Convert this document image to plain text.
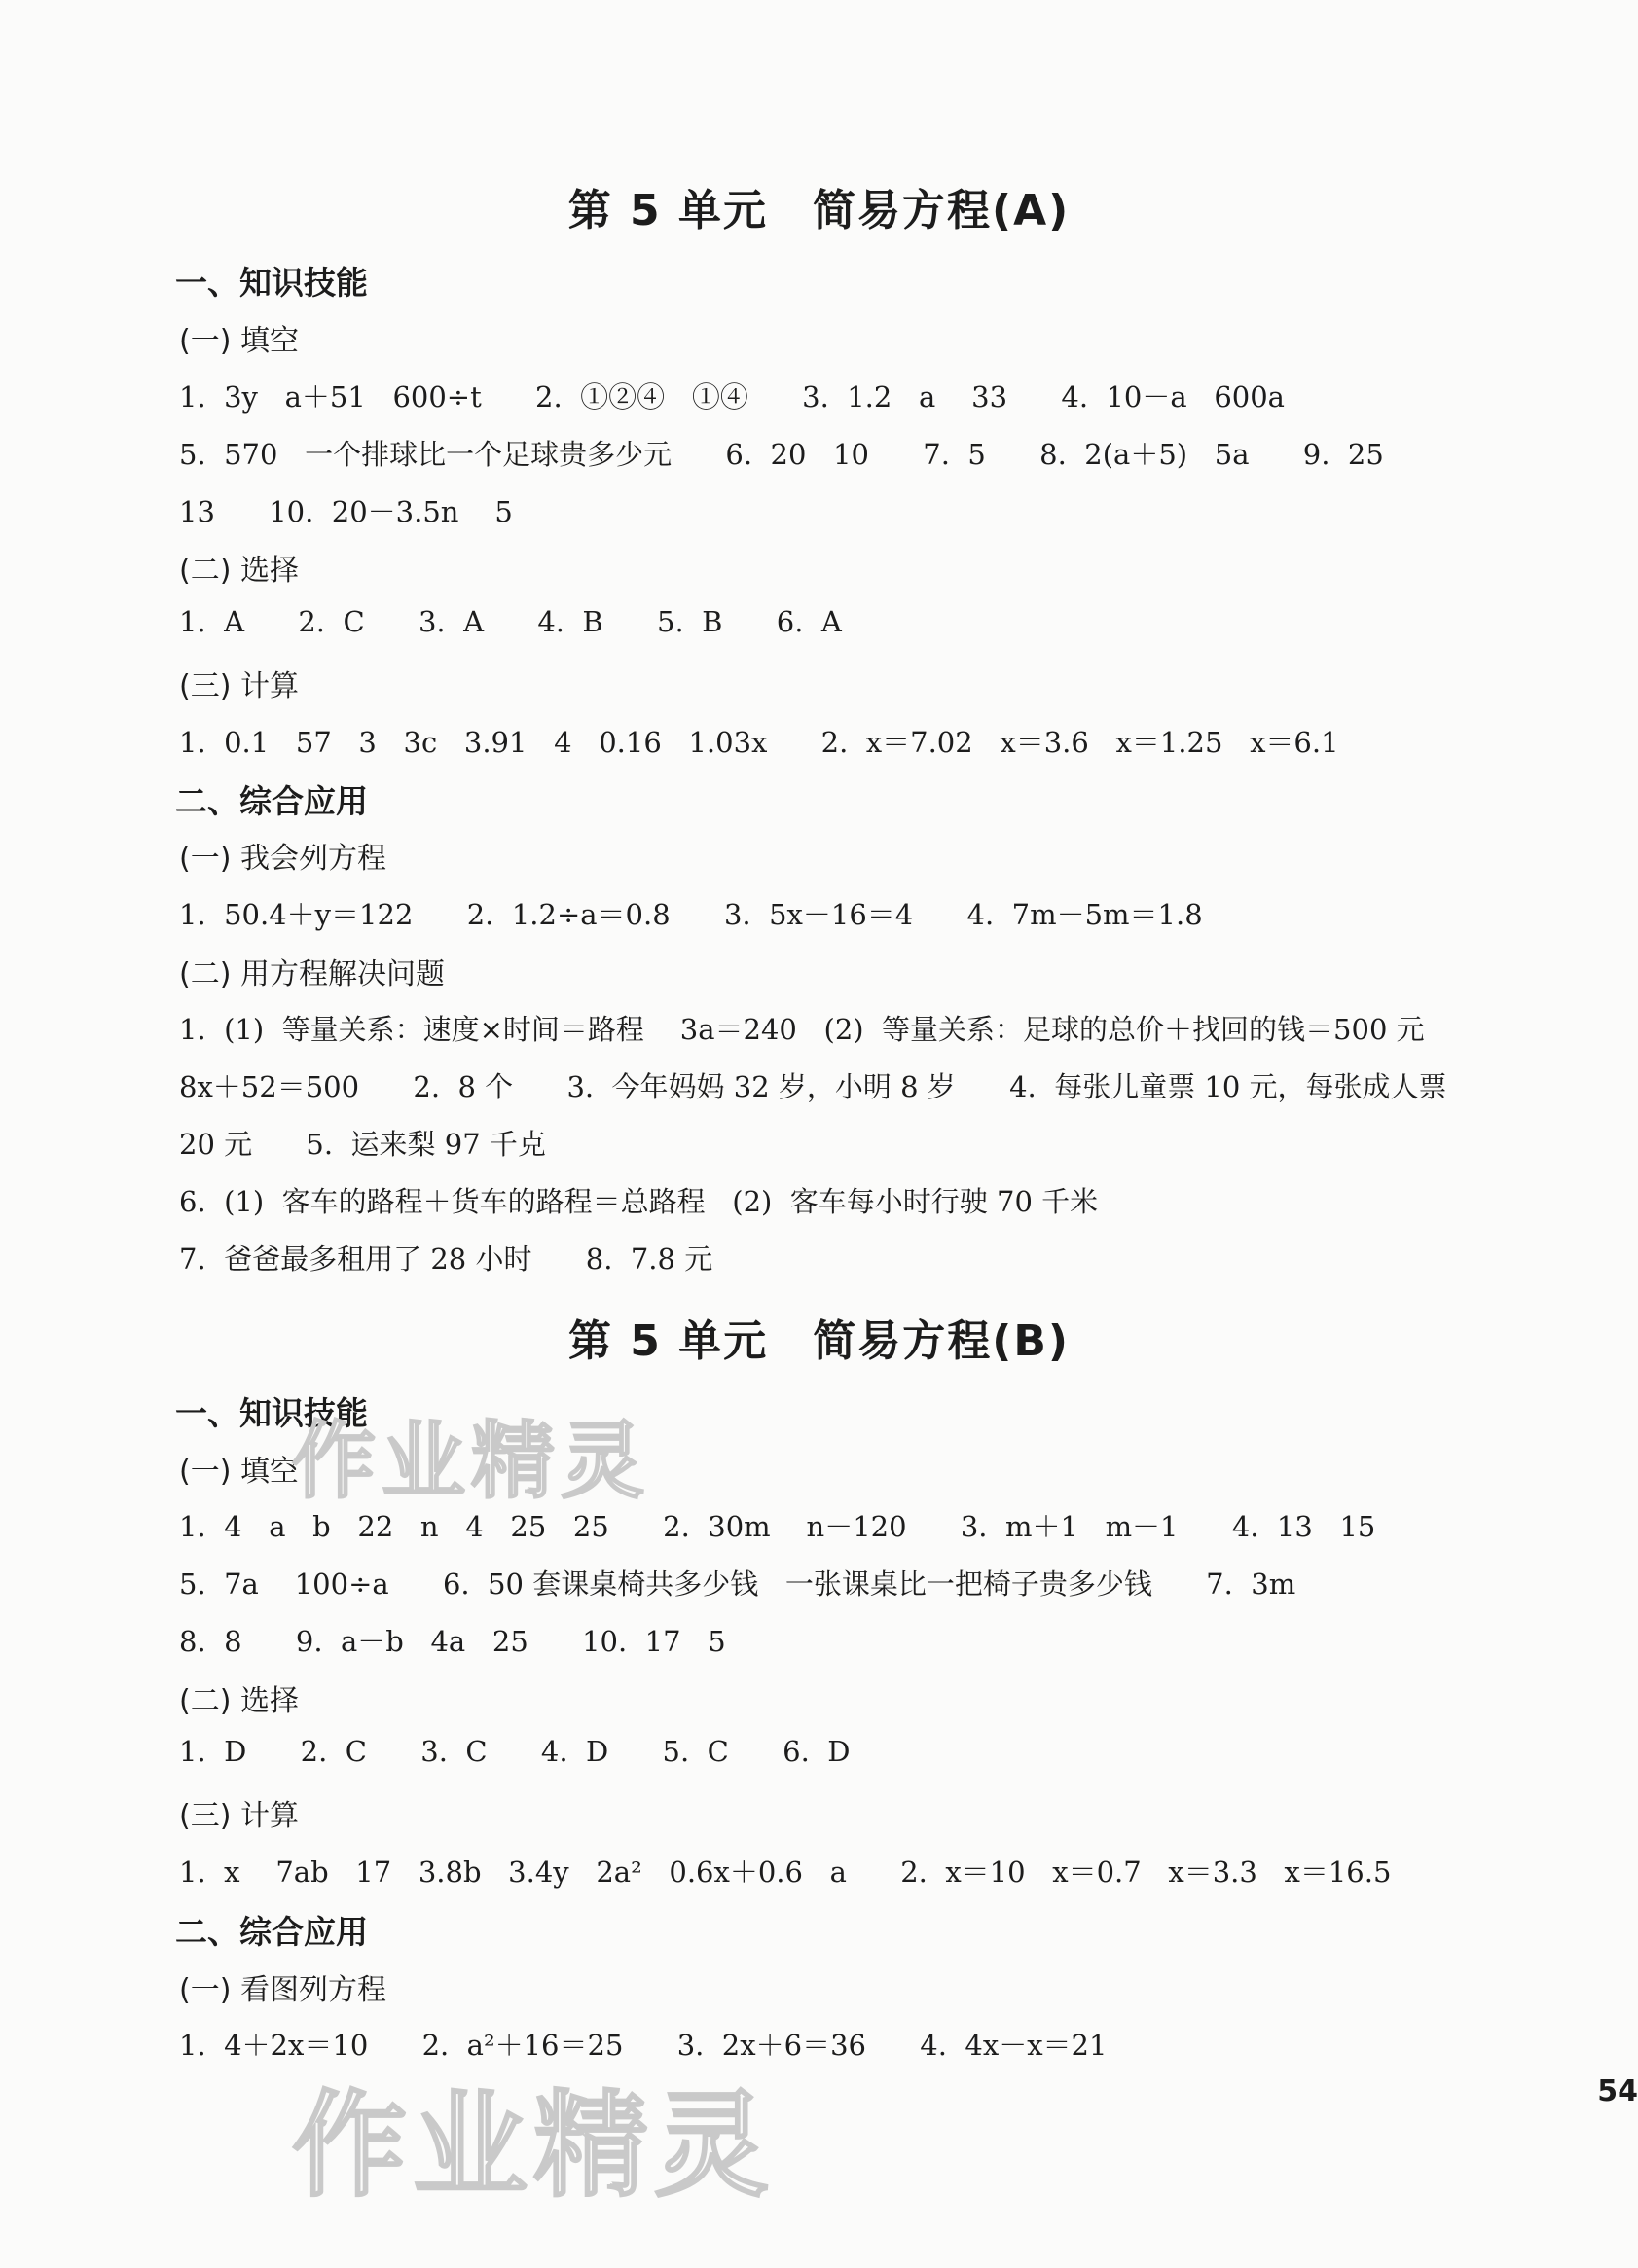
第 5 单元　简易方程(A)
一、知识技能
(一) 填空
1.  3y   a＋51   600÷t      2.  ①②④   ①④      3.  1.2   a    33      4.  10－a   600a
5.  570   一个排球比一个足球贵多少元      6.  20   10      7.  5      8.  2(a＋5)   5a      9.  25
13      10.  20－3.5n    5
(二) 选择
1.  A      2.  C      3.  A      4.  B      5.  B      6.  A
(三) 计算
1.  0.1   57   3   3c   3.91   4   0.16   1.03x      2.  x＝7.02   x＝3.6   x＝1.25   x＝6.1
二、综合应用
(一) 我会列方程
1.  50.4＋y＝122      2.  1.2÷a＝0.8      3.  5x－16＝4      4.  7m－5m＝1.8
(二) 用方程解决问题
1.  (1)  等量关系：速度×时间＝路程    3a＝240   (2)  等量关系：足球的总价＋找回的钱＝500 元
8x＋52＝500      2.  8 个      3.  今年妈妈 32 岁，小明 8 岁      4.  每张儿童票 10 元，每张成人票
20 元      5.  运来梨 97 千克
6.  (1)  客车的路程＋货车的路程＝总路程   (2)  客车每小时行驶 70 千米
7.  爸爸最多租用了 28 小时      8.  7.8 元
第 5 单元　简易方程(B)
一、知识技能
(一) 填空
1.  4   a   b   22   n   4   25   25      2.  30m    n－120      3.  m＋1   m－1      4.  13   15
5.  7a    100÷a      6.  50 套课桌椅共多少钱   一张课桌比一把椅子贵多少钱      7.  3m
8.  8      9.  a－b   4a   25      10.  17   5
(二) 选择
1.  D      2.  C      3.  C      4.  D      5.  C      6.  D
(三) 计算
1.  x    7ab   17   3.8b   3.4y   2a²   0.6x＋0.6   a      2.  x＝10   x＝0.7   x＝3.3   x＝16.5
二、综合应用
(一) 看图列方程
1.  4＋2x＝10      2.  a²＋16＝25      3.  2x＋6＝36      4.  4x－x＝21
作业精灵
作业精灵	54
